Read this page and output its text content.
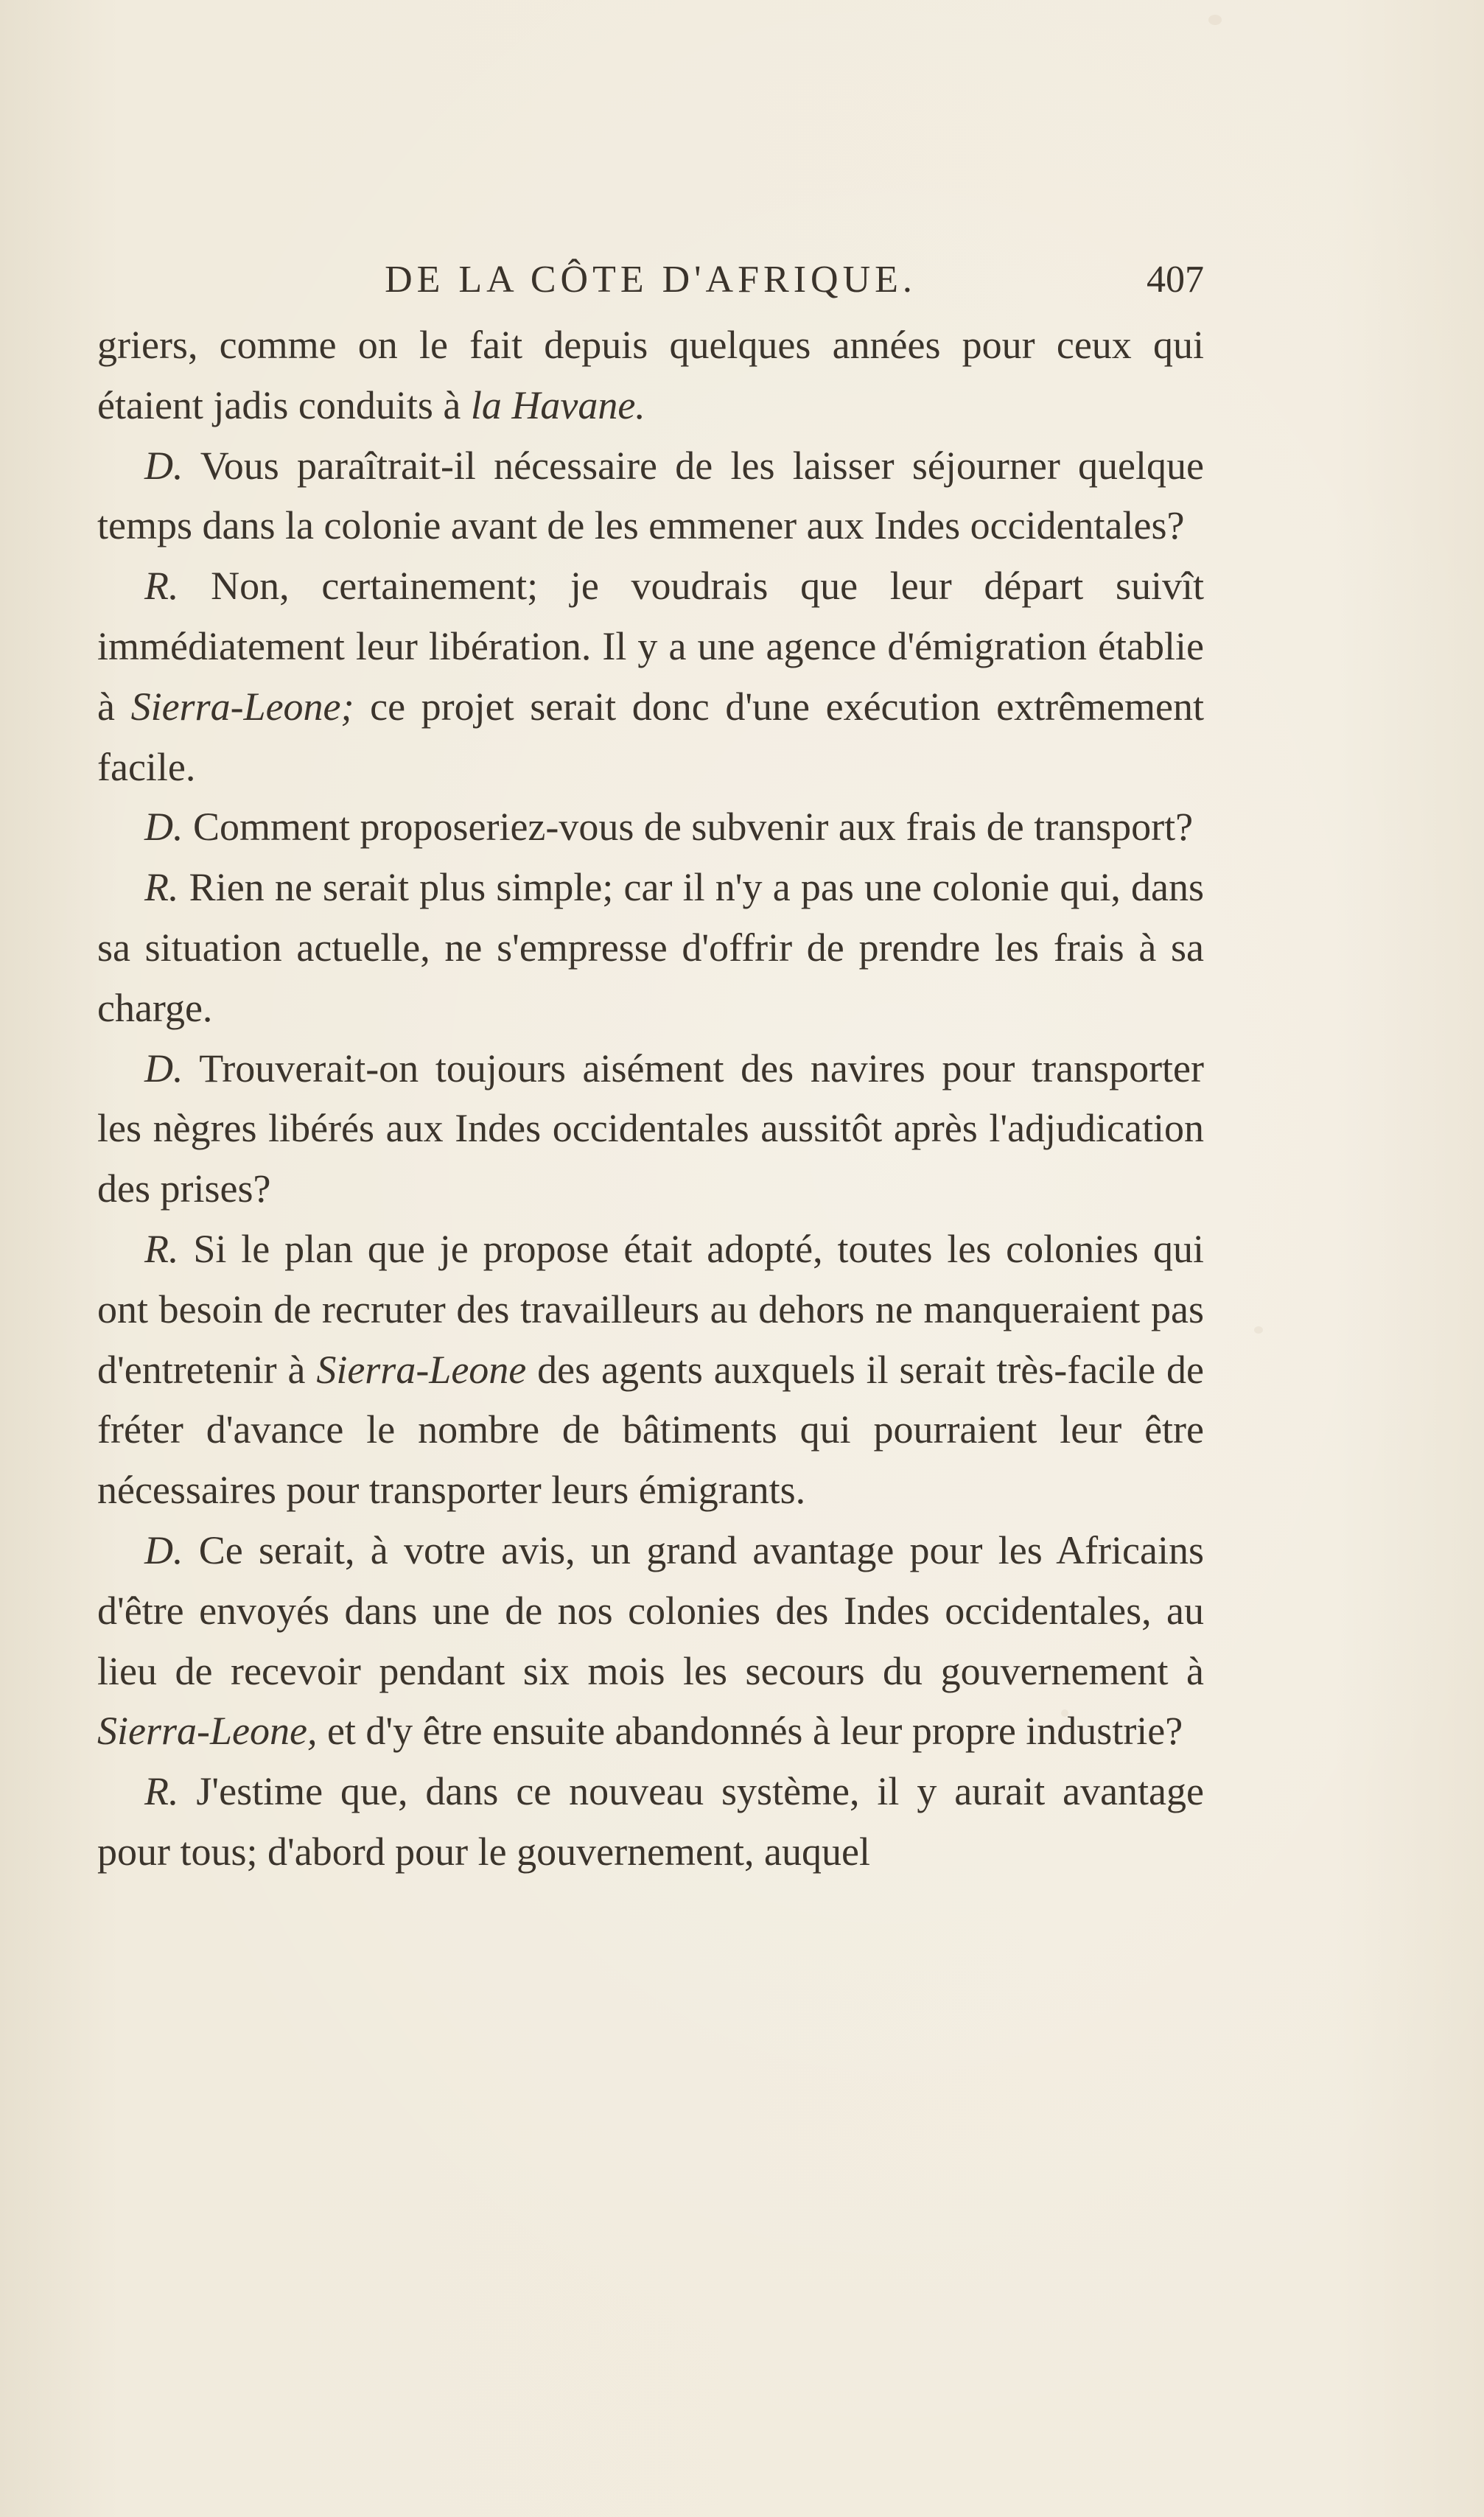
DE LA CÔTE D'AFRIQUE.	407

griers, comme on le fait depuis quelques années pour ceux qui étaient jadis conduits à la Havane.

D. Vous paraîtrait-il nécessaire de les laisser séjourner quelque temps dans la colonie avant de les emmener aux Indes occidentales?

R. Non, certainement; je voudrais que leur départ suivît immédiatement leur libération. Il y a une agence d'émigration établie à Sierra-Leone; ce projet serait donc d'une exécution extrêmement facile.

D. Comment proposeriez-vous de subvenir aux frais de transport?

R. Rien ne serait plus simple; car il n'y a pas une colonie qui, dans sa situation actuelle, ne s'empresse d'offrir de prendre les frais à sa charge.

D. Trouverait-on toujours aisément des navires pour transporter les nègres libérés aux Indes occidentales aussitôt après l'adjudication des prises?

R. Si le plan que je propose était adopté, toutes les colonies qui ont besoin de recruter des travailleurs au dehors ne manqueraient pas d'entretenir à Sierra-Leone des agents auxquels il serait très-facile de fréter d'avance le nombre de bâtiments qui pourraient leur être nécessaires pour transporter leurs émigrants.

D. Ce serait, à votre avis, un grand avantage pour les Africains d'être envoyés dans une de nos colonies des Indes occidentales, au lieu de recevoir pendant six mois les secours du gouvernement à Sierra-Leone, et d'y être ensuite abandonnés à leur propre industrie?

R. J'estime que, dans ce nouveau système, il y aurait avantage pour tous; d'abord pour le gouvernement, auquel
